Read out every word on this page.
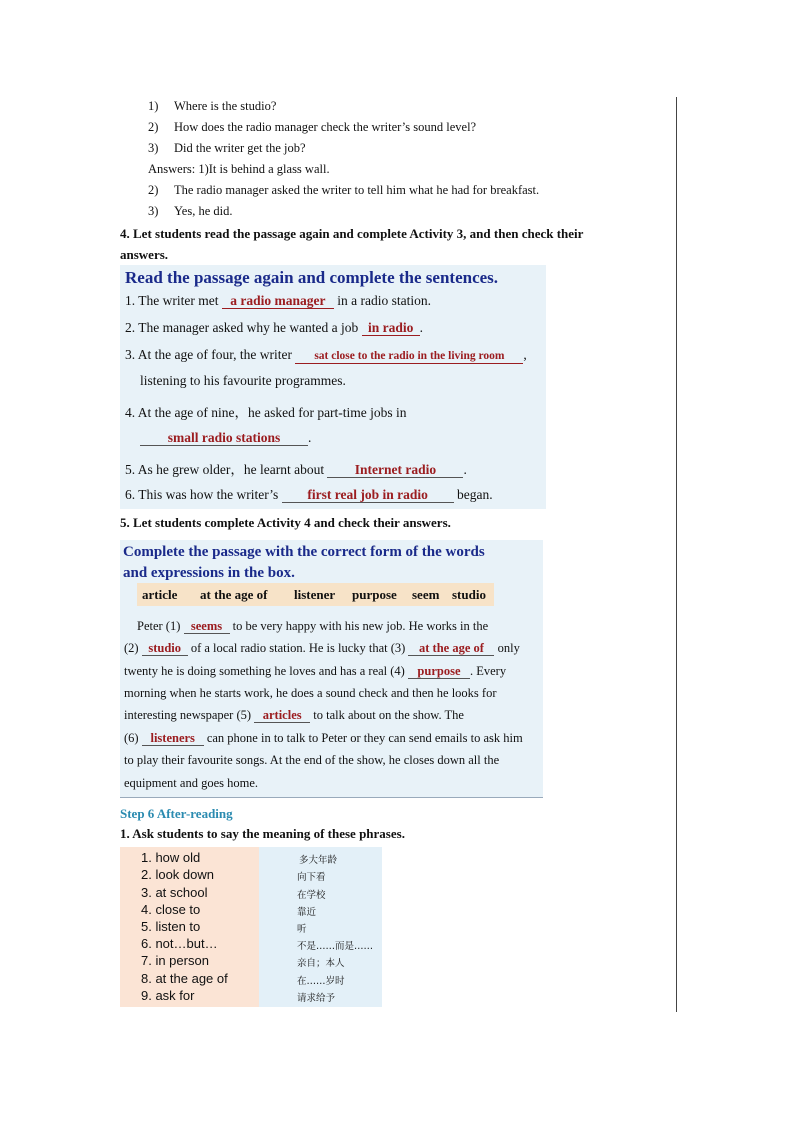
1) Where is the studio?
2) How does the radio manager check the writer’s sound level?
3) Did the writer get the job?
Answers: 1)It is behind a glass wall.
2) The radio manager asked the writer to tell him what he had for breakfast.
3) Yes, he did.
4. Let students read the passage again and complete Activity 3, and then check their
answers.
Read the passage again and complete the sentences.
1. The writer met a radio manager in a radio station.
2. The manager asked why he wanted a job in radio .
3. At the age of four, the writer sat close to the radio in the living room ,
listening to his favourite programmes.
4. At the age of nine，he asked for part-time jobs in
small radio stations .
5. As he grew older，he learnt about Internet radio .
6. This was how the writer’s first real job in radio began.
5. Let students complete Activity 4 and check their answers.
Complete the passage with the correct form of the words
and expressions in the box.
article at the age of listener purpose seem studio
Peter (1) seems to be very happy with his new job. He works in the
(2) studio of a local radio station. He is lucky that (3) at the age of only
twenty he is doing something he loves and has a real (4) purpose . Every
morning when he starts work, he does a sound check and then he looks for
interesting newspaper (5) articles to talk about on the show. The
(6) listeners can phone in to talk to Peter or they can send emails to ask him
to play their favourite songs. At the end of the show, he closes down all the
equipment and goes home.
Step 6 After-reading
1. Ask students to say the meaning of these phrases.
1. how old
2. look down
3. at school
4. close to
5. listen to
6. not…but…
7. in person
8. at the age of
9. ask for
多大年龄
向下看
在学校
靠近
听
不是……而是……
亲自；本人
在……岁时
请求给予
